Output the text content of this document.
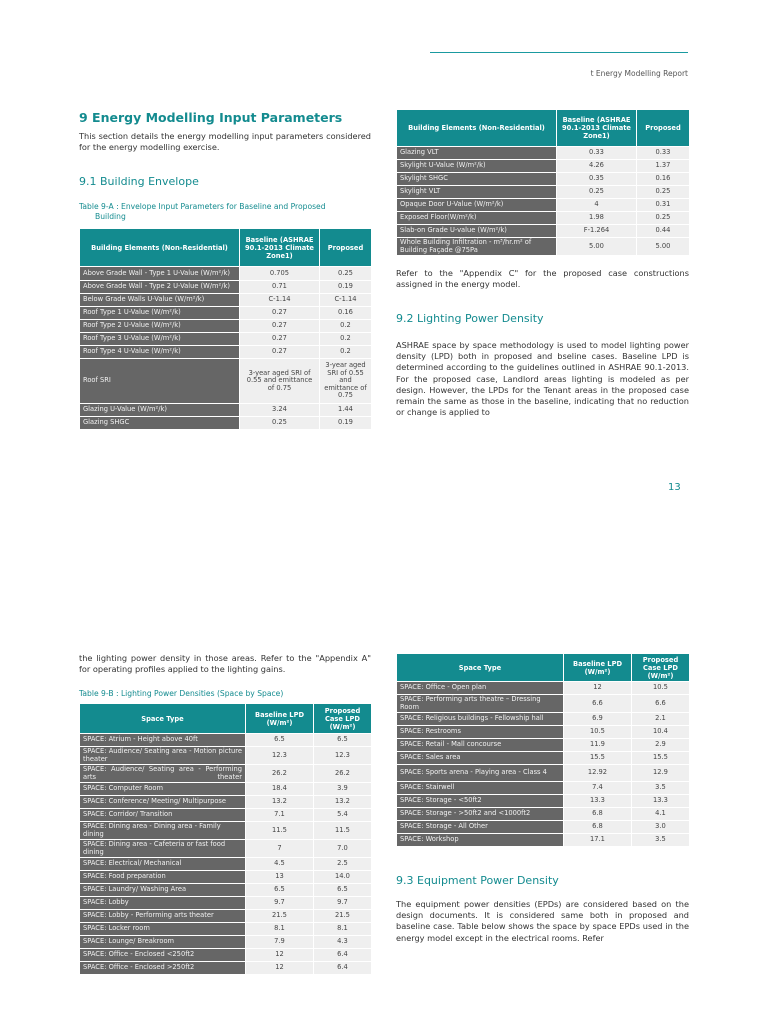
t Energy Modelling Report
9 Energy Modelling Input Parameters
This section details the energy modelling input parameters considered for the energy modelling exercise.
9.1 Building Envelope
Table 9-A : Envelope Input Parameters for Baseline and Proposed
Building
Building Elements (Non-Residential)	Baseline (ASHRAE 90.1-2013 Climate Zone1)	Proposed
Above Grade Wall - Type 1 U-Value (W/m²/k)	0.705	0.25
Above Grade Wall - Type 2 U-Value (W/m²/k)	0.71	0.19
Below Grade Walls U-Value (W/m²/k)	C-1.14	C-1.14
Roof Type 1 U-Value (W/m²/k)	0.27	0.16
Roof Type 2 U-Value (W/m²/k)	0.27	0.2
Roof Type 3 U-Value (W/m²/k)	0.27	0.2
Roof Type 4 U-Value (W/m²/k)	0.27	0.2
Roof SRI	3-year aged SRI of 0.55 and emittance of 0.75	3-year aged SRI of 0.55 and emittance of 0.75
Glazing U-Value (W/m²/k)	3.24	1.44
Glazing SHGC	0.25	0.19
Building Elements (Non-Residential)	Baseline (ASHRAE 90.1-2013 Climate Zone1)	Proposed
Glazing VLT	0.33	0.33
Skylight U-Value (W/m²/k)	4.26	1.37
Skylight SHGC	0.35	0.16
Skylight VLT	0.25	0.25
Opaque Door U-Value (W/m²/k)	4	0.31
Exposed Floor(W/m²/k)	1.98	0.25
Slab-on Grade U-value (W/m²/k)	F-1.264	0.44
Whole Building Infiltration - m³/hr.m² of Building Façade @75Pa	5.00	5.00
Refer to the "Appendix C" for the proposed case constructions assigned in the energy model.
9.2 Lighting Power Density
ASHRAE space by space methodology is used to model lighting power density (LPD) both in proposed and bseline cases. Baseline LPD is determined according to the guidelines outlined in ASHRAE 90.1-2013. For the proposed case, Landlord areas lighting is modeled as per design. However, the LPDs for the Tenant areas in the proposed case remain the same as those in the baseline, indicating that no reduction or change is applied to
13
the lighting power density in those areas. Refer to the "Appendix A" for operating profiles applied to the lighting gains.
Table 9-B : Lighting Power Densities (Space by Space)
Space Type	Baseline LPD (W/m²)	Proposed Case LPD (W/m²)
SPACE: Atrium - Height above 40ft	6.5	6.5
SPACE: Audience/ Seating area - Motion picture theater	12.3	12.3
SPACE: Audience/ Seating area - Performing arts theater	26.2	26.2
SPACE: Computer Room	18.4	3.9
SPACE: Conference/ Meeting/ Multipurpose	13.2	13.2
SPACE: Corridor/ Transition	7.1	5.4
SPACE: Dining area - Dining area - Family dining	11.5	11.5
SPACE: Dining area - Cafeteria or fast food dining	7	7.0
SPACE: Electrical/ Mechanical	4.5	2.5
SPACE: Food preparation	13	14.0
SPACE: Laundry/ Washing Area	6.5	6.5
SPACE: Lobby	9.7	9.7
SPACE: Lobby - Performing arts theater	21.5	21.5
SPACE: Locker room	8.1	8.1
SPACE: Lounge/ Breakroom	7.9	4.3
SPACE: Office - Enclosed <250ft2	12	6.4
SPACE: Office - Enclosed >250ft2	12	6.4
Space Type	Baseline LPD (W/m²)	Proposed Case LPD (W/m²)
SPACE: Office - Open plan	12	10.5
SPACE: Performing arts theatre – Dressing Room	6.6	6.6
SPACE: Religious buildings - Fellowship hall	6.9	2.1
SPACE: Restrooms	10.5	10.4
SPACE: Retail - Mall concourse	11.9	2.9
SPACE: Sales area	15.5	15.5
SPACE: Sports arena - Playing area - Class 4	12.92	12.9
SPACE: Stairwell	7.4	3.5
SPACE: Storage - <50ft2	13.3	13.3
SPACE: Storage - >50ft2 and <1000ft2	6.8	4.1
SPACE: Storage - All Other	6.8	3.0
SPACE: Workshop	17.1	3.5
9.3 Equipment Power Density
The equipment power densities (EPDs) are considered based on the design documents. It is considered same both in proposed and baseline case. Table below shows the space by space EPDs used in the energy model except in the electrical rooms. Refer
